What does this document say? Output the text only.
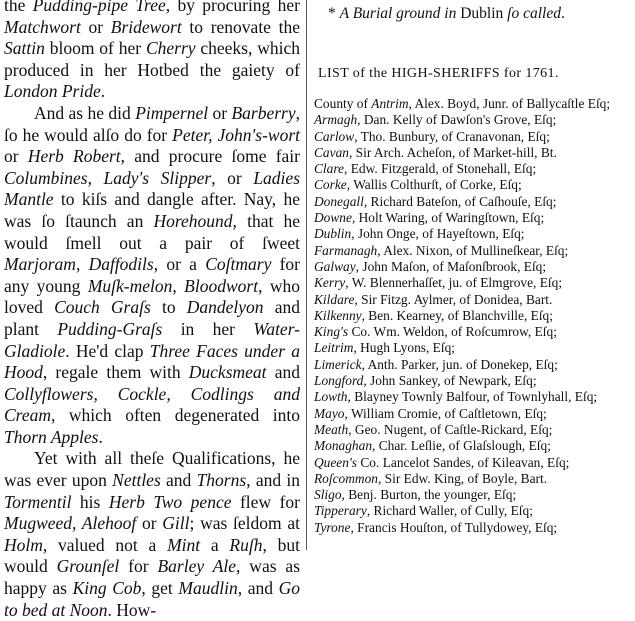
the Pudding-pipe Tree, by procuring her Matchwort or Bridewort to renovate the Sattin bloom of her Cherry cheeks, which produced in her Hotbed the gaiety of London Pride.

And as he did Pimpernel or Barberry, ſo he would alſo do for Peter, John's-wort or Herb Robert, and procure ſome fair Columbines, Lady's Slipper, or Ladies Mantle to kiſs and dangle after. Nay, he was ſo ſtaunch an Horehound, that he would ſmell out a pair of ſweet Marjoram, Daffodils, or a Coſtmary for any young Muſk-melon, Bloodwort, who loved Couch Graſs to Dandelyon and plant Pudding-Graſs in her Water-Gladiole. He'd clap Three Faces under a Hood, regale them with Ducksmeat and Collyflowers, Cockle, Codlings and Cream, which often degenerated into Thorn Apples.

Yet with all theſe Qualifications, he was ever upon Nettles and Thorns, and in Tormentil his Herb Two pence flew for Mugweed, Alehoof or Gill; was ſeldom at Holm, valued not a Mint a Ruſh, but would Grounſel for Barley Ale, was as happy as King Cob, get Maudlin, and Go to bed at Noon. How-

* A Burial ground in Dublin ſo called.

LIST of the HIGH-SHERIFFS for 1761.
County of Antrim, Alex. Boyd, Junr. of Ballycaſtle Eſq;
Armagh, Dan. Kelly of Dawſon's Grove, Eſq;
Carlow, Tho. Bunbury, of Cranavonan, Eſq;
Cavan, Sir Arch. Acheſon, of Market-hill, Bt.
Clare, Edw. Fitzgerald, of Stonehall, Eſq;
Corke, Wallis Colthurſt, of Corke, Eſq;
Donegall, Richard Bateſon, of Caſhouſe, Eſq;
Downe, Holt Waring, of Waringſtown, Eſq;
Dublin, John Onge, of Hayeſtown, Eſq;
Farmanagh, Alex. Nixon, of Mullineſkear, Eſq;
Galway, John Maſon, of Maſonſbrook, Eſq;
Kerry, W. Blennerhaſſet, ju. of Elmgrove, Eſq;
Kildare, Sir Fitzg. Aylmer, of Donidea, Bart.
Kilkenny, Ben. Kearney, of Blanchville, Eſq;
King's Co. Wm. Weldon, of Roſcumrow, Eſq;
Leitrim, Hugh Lyons, Eſq;
Limerick, Anth. Parker, jun. of Donekep, Eſq;
Longford, John Sankey, of Newpark, Eſq;
Lowth, Blayney Townly Balfour, of Townlyhall, Eſq;
Mayo, William Cromie, of Caſtletown, Eſq;
Meath, Geo. Nugent, of Caſtle-Rickard, Eſq;
Monaghan, Char. Leſlie, of Glaſslough, Eſq;
Queen's Co. Lancelot Sandes, of Kileavan, Eſq;
Roſcommon, Sir Edw. King, of Boyle, Bart.
Sligo, Benj. Burton, the younger, Eſq;
Tipperary, Richard Waller, of Cully, Eſq;
Tyrone, Francis Houſton, of Tullydowey, Eſq;
